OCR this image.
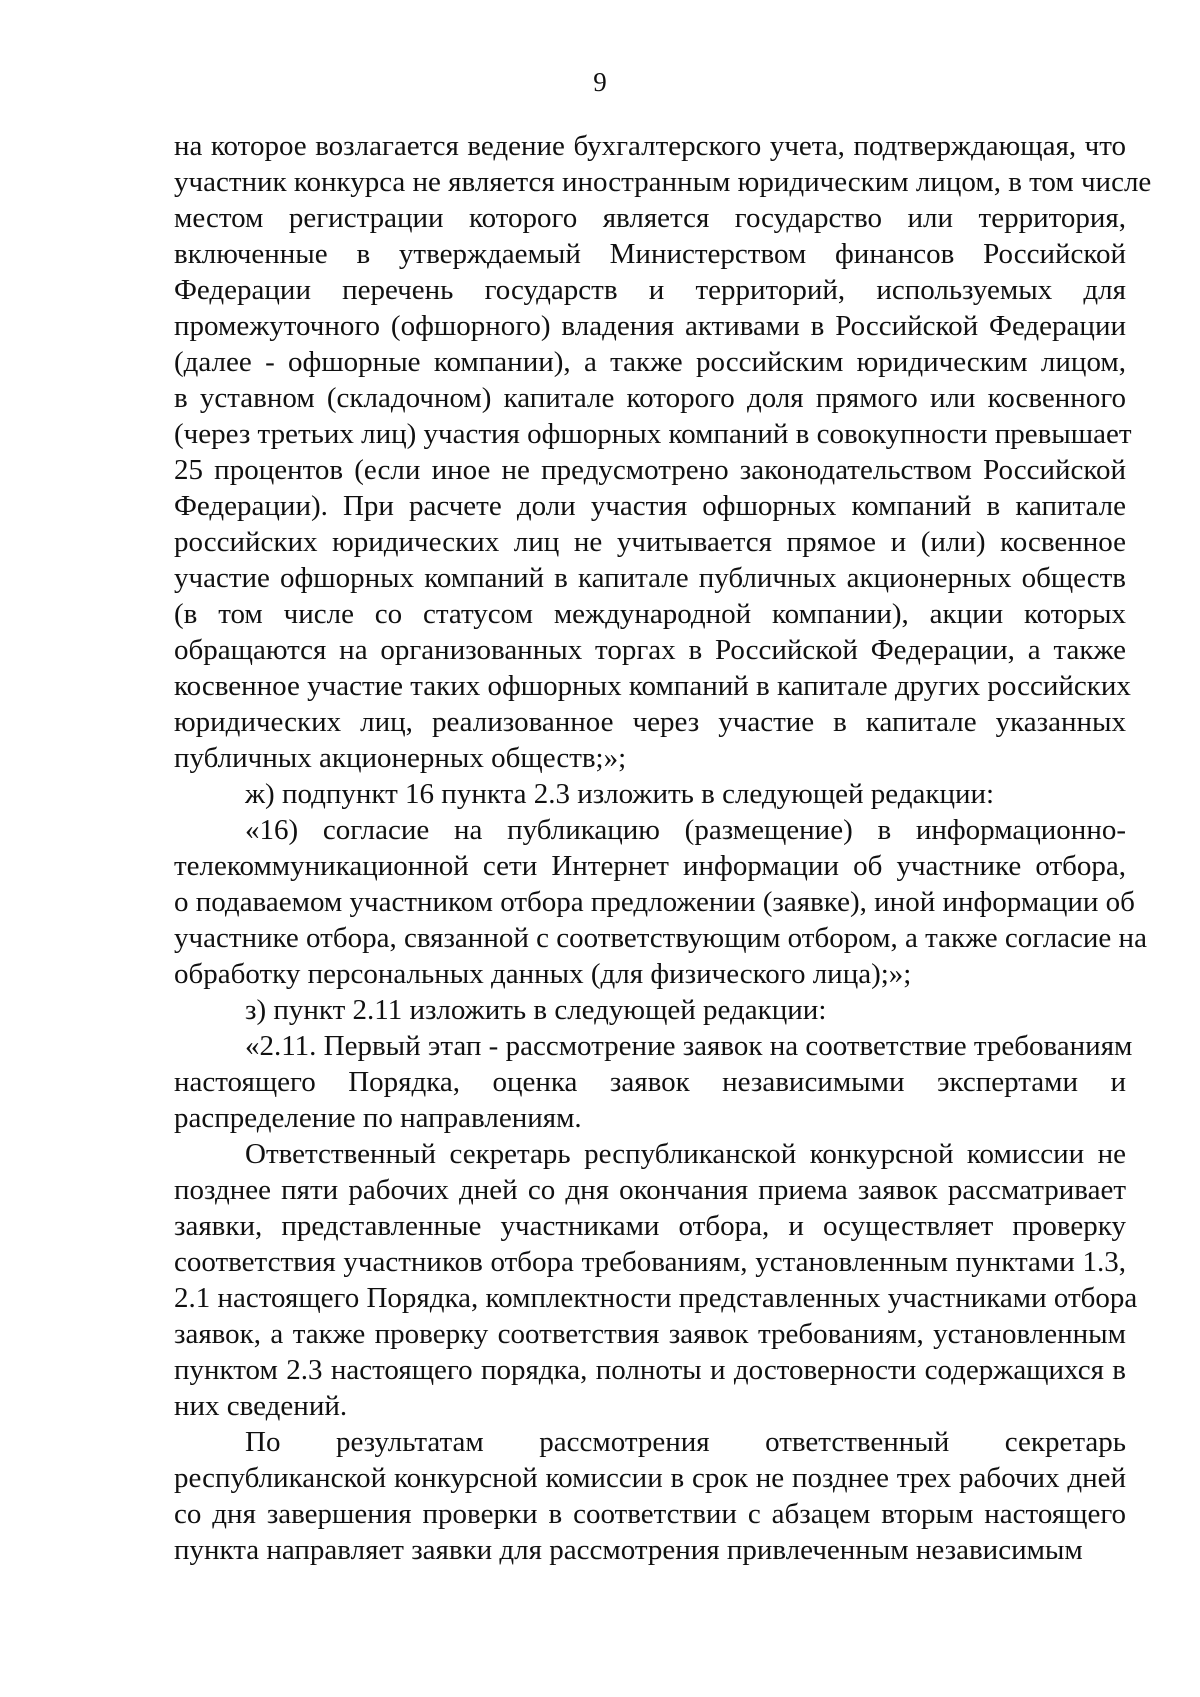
9
на которое возлагается ведение бухгалтерского учета, подтверждающая, что
участник конкурса не является иностранным юридическим лицом, в том числе
местом регистрации которого является государство или территория,
включенные в утверждаемый Министерством финансов Российской
Федерации перечень государств и территорий, используемых для
промежуточного (офшорного) владения активами в Российской Федерации
(далее - офшорные компании), а также российским юридическим лицом,
в уставном (складочном) капитале которого доля прямого или косвенного
(через третьих лиц) участия офшорных компаний в совокупности превышает
25 процентов (если иное не предусмотрено законодательством Российской
Федерации). При расчете доли участия офшорных компаний в капитале
российских юридических лиц не учитывается прямое и (или) косвенное
участие офшорных компаний в капитале публичных акционерных обществ
(в том числе со статусом международной компании), акции которых
обращаются на организованных торгах в Российской Федерации, а также
косвенное участие таких офшорных компаний в капитале других российских
юридических лиц, реализованное через участие в капитале указанных
публичных акционерных обществ;»;
ж) подпункт 16 пункта 2.3 изложить в следующей редакции:
«16) согласие на публикацию (размещение) в информационно-
телекоммуникационной сети Интернет информации об участнике отбора,
о подаваемом участником отбора предложении (заявке), иной информации об
участнике отбора, связанной с соответствующим отбором, а также согласие на
обработку персональных данных (для физического лица);»;
з) пункт 2.11 изложить в следующей редакции:
«2.11. Первый этап - рассмотрение заявок на соответствие требованиям
настоящего Порядка, оценка заявок независимыми экспертами и
распределение по направлениям.
Ответственный секретарь республиканской конкурсной комиссии не
позднее пяти рабочих дней со дня окончания приема заявок рассматривает
заявки, представленные участниками отбора, и осуществляет проверку
соответствия участников отбора требованиям, установленным пунктами 1.3,
2.1 настоящего Порядка, комплектности представленных участниками отбора
заявок, а также проверку соответствия заявок требованиям, установленным
пунктом 2.3 настоящего порядка, полноты и достоверности содержащихся в
них сведений.
По результатам рассмотрения ответственный секретарь
республиканской конкурсной комиссии в срок не позднее трех рабочих дней
со дня завершения проверки в соответствии с абзацем вторым настоящего
пункта направляет заявки для рассмотрения привлеченным независимым
